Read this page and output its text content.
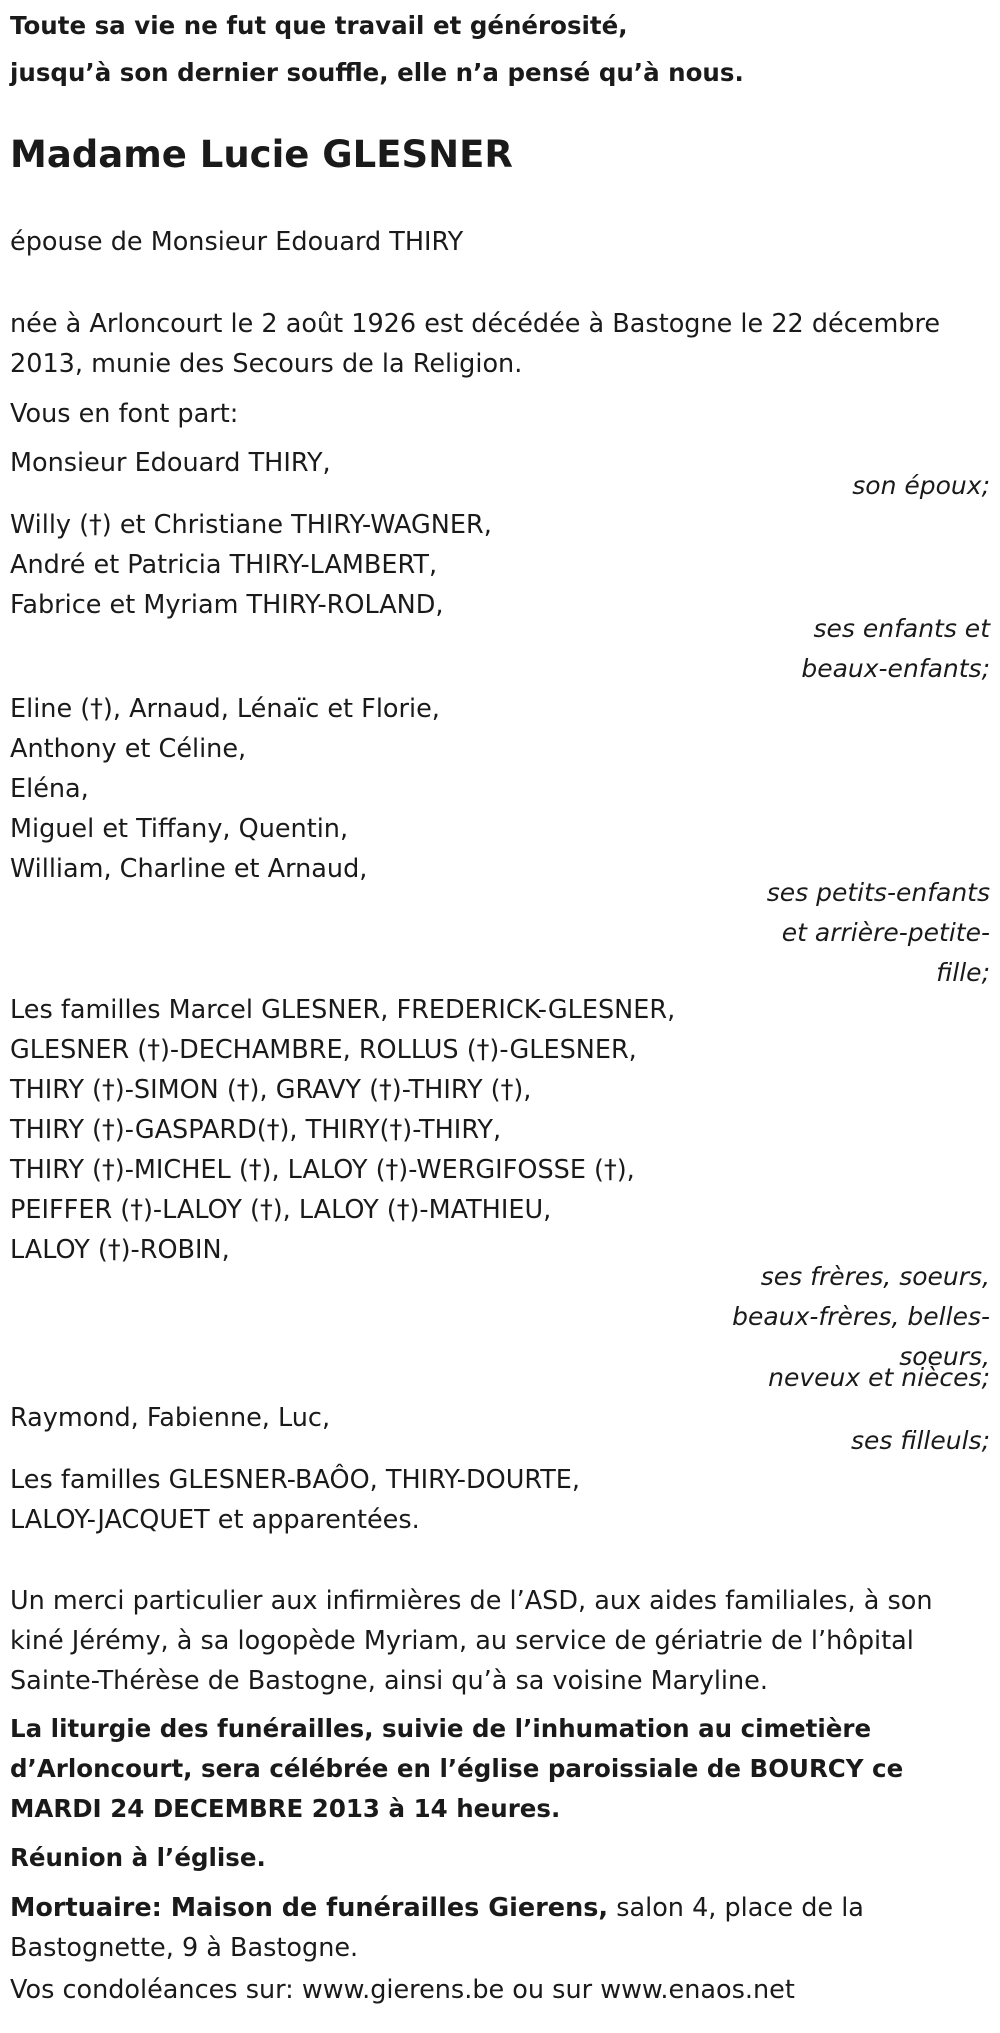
Toute sa vie ne fut que travail et générosité,

jusqu’à son dernier souffle, elle n’a pensé qu’à nous.

Madame Lucie GLESNER

épouse de Monsieur Edouard THIRY

née à Arloncourt le 2 août 1926 est décédée à Bastogne le 22 décembre
2013, munie des Secours de la Religion.

Vous en font part:

Monsieur Edouard THIRY,

son époux;

Willy (†) et Christiane THIRY-WAGNER,
André et Patricia THIRY-LAMBERT,
Fabrice et Myriam THIRY-ROLAND,
ses enfants et
beaux-enfants;
Eline (†), Arnaud, Lénaïc et Florie,
Anthony et Céline,
Eléna,
Miguel et Tiffany, Quentin,
William, Charline et Arnaud,
ses petits-enfants
et arrière-petite-
fille;
Les familles Marcel GLESNER, FREDERICK-GLESNER,
GLESNER (†)-DECHAMBRE, ROLLUS (†)-GLESNER,
THIRY (†)-SIMON (†), GRAVY (†)-THIRY (†),
THIRY (†)-GASPARD(†), THIRY(†)-THIRY,
THIRY (†)-MICHEL (†), LALOY (†)-WERGIFOSSE (†),
PEIFFER (†)-LALOY (†), LALOY (†)-MATHIEU,
LALOY (†)-ROBIN,
ses frères, soeurs,
beaux-frères, belles-
soeurs,

neveux et nièces;

Raymond, Fabienne, Luc,

ses filleuls;

Les familles GLESNER-BAÔO, THIRY-DOURTE,
LALOY-JACQUET et apparentées.
Un merci particulier aux infirmières de l’ASD, aux aides familiales, à son
kiné Jérémy, à sa logopède Myriam, au service de gériatrie de l’hôpital
Sainte-Thérèse de Bastogne, ainsi qu’à sa voisine Maryline.
La liturgie des funérailles, suivie de l’inhumation au cimetière
d’Arloncourt, sera célébrée en l’église paroissiale de BOURCY ce
MARDI 24 DECEMBRE 2013 à 14 heures.

Réunion à l’église.

Mortuaire: Maison de funérailles Gierens, salon 4, place de la
Bastognette, 9 à Bastogne.

Vos condoléances sur: www.gierens.be ou sur www.enaos.net
